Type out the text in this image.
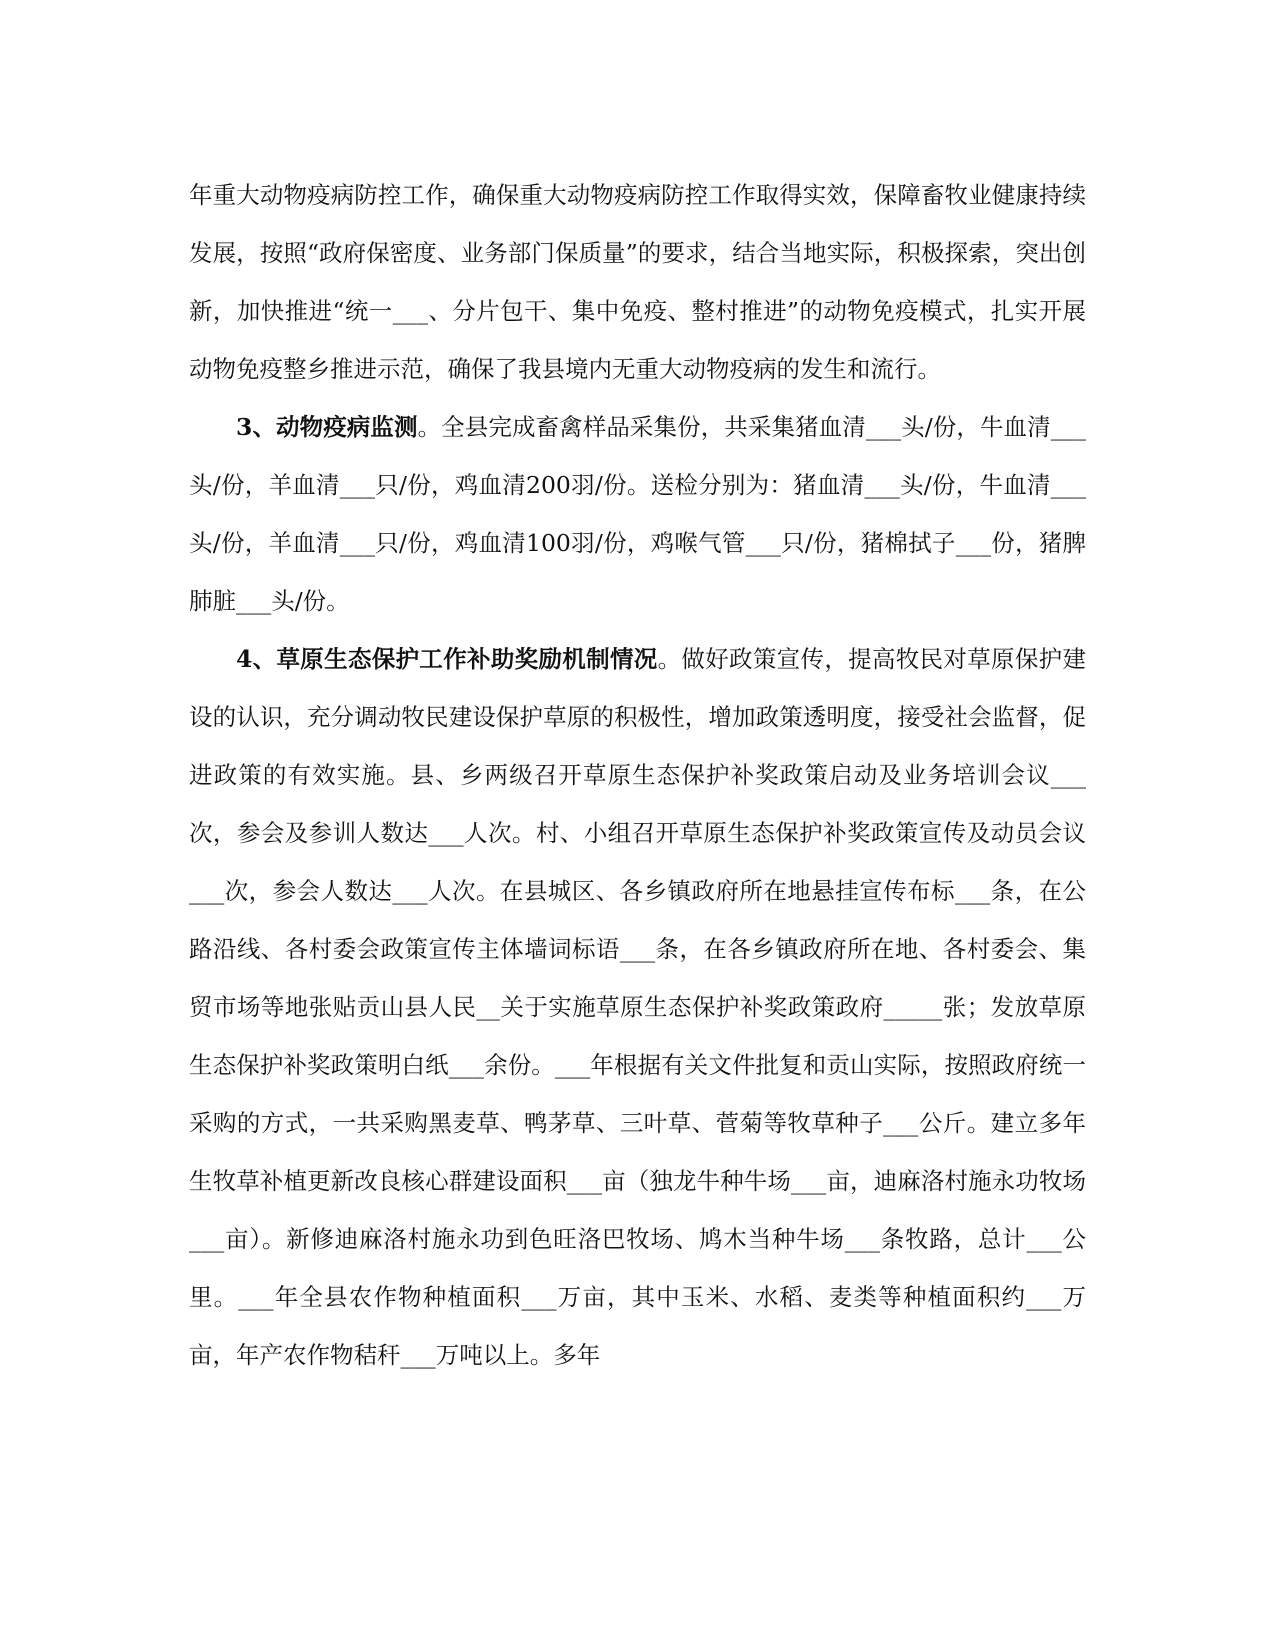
年重大动物疫病防控工作，确保重大动物疫病防控工作取得实效，保障畜牧业健康持续发展，按照“政府保密度、业务部门保质量”的要求，结合当地实际，积极探索，突出创新，加快推进“统一___、分片包干、集中免疫、整村推进”的动物免疫模式，扎实开展动物免疫整乡推进示范，确保了我县境内无重大动物疫病的发生和流行。

3、动物疫病监测。全县完成畜禽样品采集份，共采集猪血清___头/份，牛血清___头/份，羊血清___只/份，鸡血清200羽/份。送检分别为：猪血清___头/份，牛血清___头/份，羊血清___只/份，鸡血清100羽/份，鸡喉气管___只/份，猪棉拭子___份，猪脾肺脏___头/份。

4、草原生态保护工作补助奖励机制情况。做好政策宣传，提高牧民对草原保护建设的认识，充分调动牧民建设保护草原的积极性，增加政策透明度，接受社会监督，促进政策的有效实施。县、乡两级召开草原生态保护补奖政策启动及业务培训会议___次，参会及参训人数达___人次。村、小组召开草原生态保护补奖政策宣传及动员会议___次，参会人数达___人次。在县城区、各乡镇政府所在地悬挂宣传布标___条，在公路沿线、各村委会政策宣传主体墙词标语___条，在各乡镇政府所在地、各村委会、集贸市场等地张贴贡山县人民__关于实施草原生态保护补奖政策政府_____张；发放草原生态保护补奖政策明白纸___余份。___年根据有关文件批复和贡山实际，按照政府统一采购的方式，一共采购黑麦草、鸭茅草、三叶草、菅菊等牧草种子___公斤。建立多年生牧草补植更新改良核心群建设面积___亩（独龙牛种牛场___亩，迪麻洛村施永功牧场___亩）。新修迪麻洛村施永功到色旺洛巴牧场、鸠木当种牛场___条牧路，总计___公里。___年全县农作物种植面积___万亩，其中玉米、水稻、麦类等种植面积约___万亩，年产农作物秸秆___万吨以上。多年
